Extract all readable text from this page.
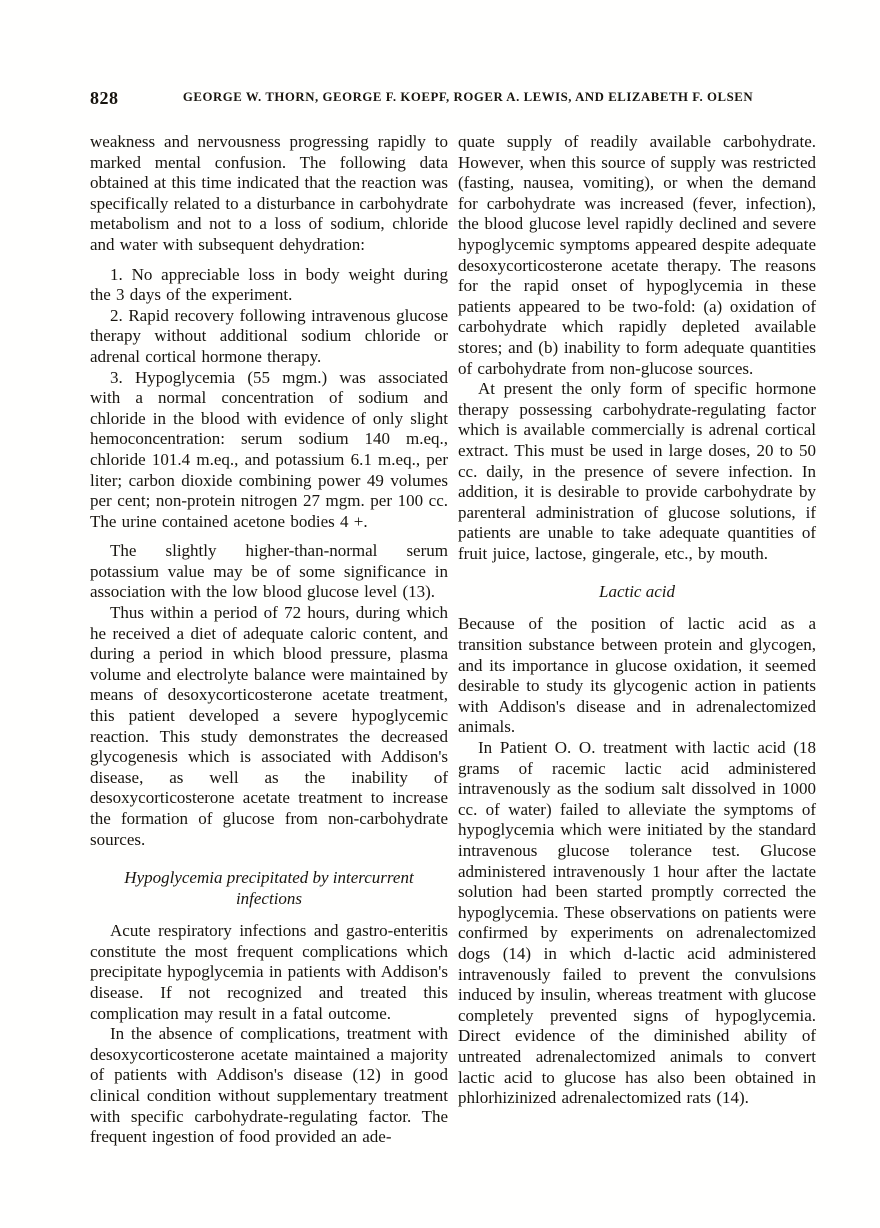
828	GEORGE W. THORN, GEORGE F. KOEPF, ROGER A. LEWIS, AND ELIZABETH F. OLSEN

weakness and nervousness progressing rapidly to marked mental confusion. The following data obtained at this time indicated that the reaction was specifically related to a disturbance in carbohydrate metabolism and not to a loss of sodium, chloride and water with subsequent dehydration:

1. No appreciable loss in body weight during the 3 days of the experiment.

2. Rapid recovery following intravenous glucose therapy without additional sodium chloride or adrenal cortical hormone therapy.

3. Hypoglycemia (55 mgm.) was associated with a normal concentration of sodium and chloride in the blood with evidence of only slight hemoconcentration: serum sodium 140 m.eq., chloride 101.4 m.eq., and potassium 6.1 m.eq., per liter; carbon dioxide combining power 49 volumes per cent; non-protein nitrogen 27 mgm. per 100 cc. The urine contained acetone bodies 4 +.

The slightly higher-than-normal serum potassium value may be of some significance in association with the low blood glucose level (13).

Thus within a period of 72 hours, during which he received a diet of adequate caloric content, and during a period in which blood pressure, plasma volume and electrolyte balance were maintained by means of desoxycorticosterone acetate treatment, this patient developed a severe hypoglycemic reaction. This study demonstrates the decreased glycogenesis which is associated with Addison's disease, as well as the inability of desoxycorticosterone acetate treatment to increase the formation of glucose from non-carbohydrate sources.

Hypoglycemia precipitated by intercurrent infections

Acute respiratory infections and gastro-enteritis constitute the most frequent complications which precipitate hypoglycemia in patients with Addison's disease. If not recognized and treated this complication may result in a fatal outcome.

In the absence of complications, treatment with desoxycorticosterone acetate maintained a majority of patients with Addison's disease (12) in good clinical condition without supplementary treatment with specific carbohydrate-regulating factor. The frequent ingestion of food provided an ade-

quate supply of readily available carbohydrate. However, when this source of supply was restricted (fasting, nausea, vomiting), or when the demand for carbohydrate was increased (fever, infection), the blood glucose level rapidly declined and severe hypoglycemic symptoms appeared despite adequate desoxycorticosterone acetate therapy. The reasons for the rapid onset of hypoglycemia in these patients appeared to be two-fold: (a) oxidation of carbohydrate which rapidly depleted available stores; and (b) inability to form adequate quantities of carbohydrate from non-glucose sources.

At present the only form of specific hormone therapy possessing carbohydrate-regulating factor which is available commercially is adrenal cortical extract. This must be used in large doses, 20 to 50 cc. daily, in the presence of severe infection. In addition, it is desirable to provide carbohydrate by parenteral administration of glucose solutions, if patients are unable to take adequate quantities of fruit juice, lactose, gingerale, etc., by mouth.

Lactic acid

Because of the position of lactic acid as a transition substance between protein and glycogen, and its importance in glucose oxidation, it seemed desirable to study its glycogenic action in patients with Addison's disease and in adrenalectomized animals.

In Patient O. O. treatment with lactic acid (18 grams of racemic lactic acid administered intravenously as the sodium salt dissolved in 1000 cc. of water) failed to alleviate the symptoms of hypoglycemia which were initiated by the standard intravenous glucose tolerance test. Glucose administered intravenously 1 hour after the lactate solution had been started promptly corrected the hypoglycemia. These observations on patients were confirmed by experiments on adrenalectomized dogs (14) in which d-lactic acid administered intravenously failed to prevent the convulsions induced by insulin, whereas treatment with glucose completely prevented signs of hypoglycemia. Direct evidence of the diminished ability of untreated adrenalectomized animals to convert lactic acid to glucose has also been obtained in phlorhizinized adrenalectomized rats (14).
